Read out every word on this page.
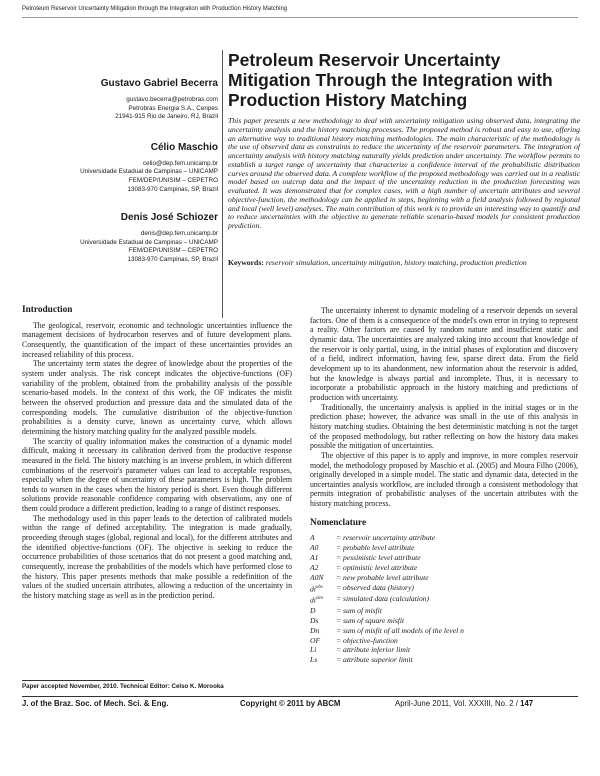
Petroleum Reservoir Uncertainty Mitigation through the Integration with Production History Matching

Gustavo Gabriel Becerra

gustavo.becerra@petrobras.com

Petrobras Energia S.A., Cenpes

21941-915 Rio de Janeiro, RJ, Brazil

Célio Maschio

celio@dep.fem.unicamp.br

Universidade Estadual de Campinas – UNICAMP

FEM/DEP/UNISIM – CEPETRO

13083-970 Campinas, SP, Brazil

Denis José Schiozer

denis@dep.fem.unicamp.br

Universidade Estadual de Campinas – UNICAMP

FEM/DEP/UNISIM – CEPETRO

13083-970 Campinas, SP, Brazil

Petroleum Reservoir Uncertainty Mitigation Through the Integration with Production History Matching

This paper presents a new methodology to deal with uncertainty mitigation using observed data, integrating the uncertainty analysis and the history matching processes. The proposed method is robust and easy to use, offering an alternative way to traditional history matching methodologies. The main characteristic of the methodology is the use of observed data as constraints to reduce the uncertainty of the reservoir parameters. The integration of uncertainty analysis with history matching naturally yields prediction under uncertainty. The workflow permits to establish a target range of uncertainty that characterize a confidence interval of the probabilistic distribution curves around the observed data. A complete workflow of the proposed methodology was carried out in a realistic model based on outcrop data and the impact of the uncertainty reduction in the production forecasting was evaluated. It was demonstrated that for complex cases, with a high number of uncertain attributes and several objective-function, the methodology can be applied in steps, beginning with a field analysis followed by regional and local (well level) analyses. The main contribution of this work is to provide an interesting way to quantify and to reduce uncertainties with the objective to generate reliable scenario-based models for consistent production prediction.

Keywords: reservoir simulation, uncertainty mitigation, history matching, production prediction

Introduction

The geological, reservoir, economic and technologic uncertainties influence the management decisions of hydrocarbon reserves and of future development plans. Consequently, the quantification of the impact of these uncertainties provides an increased reliability of this process.

The uncertainty term states the degree of knowledge about the properties of the system under analysis. The risk concept indicates the objective-functions (OF) variability of the problem, obtained from the probability analysis of the possible scenario-based models. In the context of this work, the OF indicates the misfit between the observed production and pressure data and the simulated data of the corresponding models. The cumulative distribution of the objective-function probabilities is a density curve, known as uncertainty curve, which allows determining the history matching quality for the analyzed possible models.

The scarcity of quality information makes the construction of a dynamic model difficult, making it necessary its calibration derived from the productive response measured in the field. The history matching is an inverse problem, in which different combinations of the reservoir's parameter values can lead to acceptable responses, especially when the degree of uncertainty of these parameters is high. The problem tends to worsen in the cases when the history period is short. Even though different solutions provide reasonable confidence comparing with observations, any one of them could produce a different prediction, leading to a range of distinct responses.

The methodology used in this paper leads to the detection of calibrated models within the range of defined acceptability. The integration is made gradually, proceeding through stages (global, regional and local), for the different attributes and the identified objective-functions (OF). The objective is seeking to reduce the occurrence probabilities of those scenarios that do not present a good matching and, consequently, increase the probabilities of the models which have performed close to the history. This paper presents methods that make possible a redefinition of the values of the studied uncertain attributes, allowing a reduction of the uncertainty in the history matching stage as well as in the prediction period.

The uncertainty inherent to dynamic modeling of a reservoir depends on several factors. One of them is a consequence of the model's own error in trying to represent a reality. Other factors are caused by random nature and insufficient static and dynamic data. The uncertainties are analyzed taking into account that knowledge of the reservoir is only partial, using, in the initial phases of exploration and discovery of a field, indirect information, having few, sparse direct data. From the field development up to its abandonment, new information about the reservoir is added, but the knowledge is always partial and incomplete. Thus, it is necessary to incorporate a probabilistic approach in the history matching and predictions of production with uncertainty.

Traditionally, the uncertainty analysis is applied in the initial stages or in the prediction phase; however, the advance was small in the use of this analysis in history matching studies. Obtaining the best deterministic matching is not the target of the proposed methodology, but rather reflecting on how the history data makes possible the mitigation of uncertainties.

The objective of this paper is to apply and improve, in more complex reservoir model, the methodology proposed by Maschio et al. (2005) and Moura Filho (2006), originally developed in a simple model. The static and dynamic data, detected in the uncertainties analysis workflow, are included through a consistent methodology that permits integration of probabilistic analyses of the uncertain attributes with the history matching process.

Nomenclature
A	= reservoir uncertainty attribute
A0	= probable level attribute
A1	= pessimistic level attribute
A2	= optimistic level attribute
A0N	= new probable level attribute
$di^{obs}$	= observed data (history)
$di^{sim}$	= simulated data (calculation)
D	= sum of misfit
Ds	= sum of square misfit
Dn	= sum of misfit of all models of the level n
OF	= objective-function
Li	= attribute inferior limit
Ls	= attribute superior limit
Paper accepted November, 2010. Technical Editor: Celso K. Morooka
J. of the Braz. Soc. of Mech. Sci. & Eng.	Copyright © 2011 by ABCM	April-June 2011, Vol. XXXIII, No. 2 / 147
